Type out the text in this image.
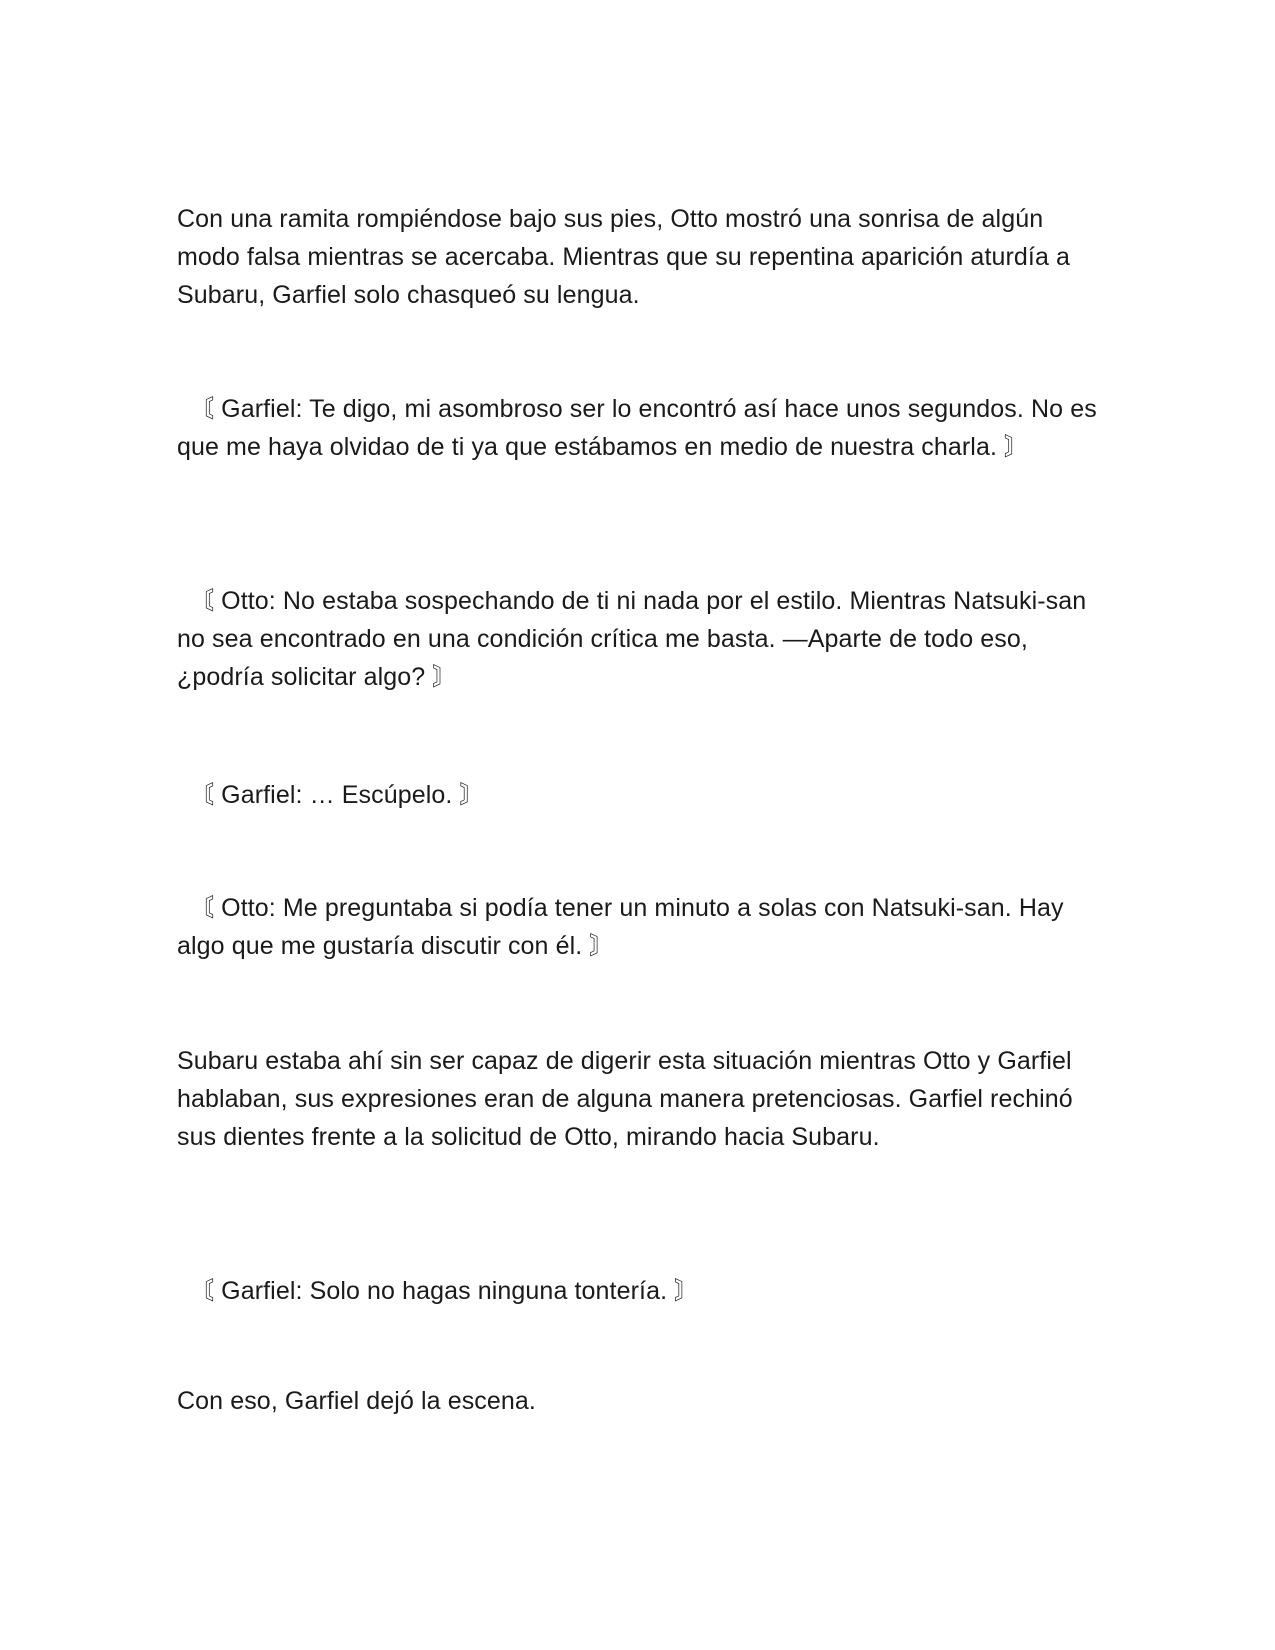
Con una ramita rompiéndose bajo sus pies, Otto mostró una sonrisa de algún modo falsa mientras se acercaba. Mientras que su repentina aparición aturdía a Subaru, Garfiel solo chasqueó su lengua.

〘 Garfiel: Te digo, mi asombroso ser lo encontró así hace unos segundos. No es que me haya olvidao de ti ya que estábamos en medio de nuestra charla. 〙

〘 Otto: No estaba sospechando de ti ni nada por el estilo. Mientras Natsuki-san no sea encontrado en una condición crítica me basta. —Aparte de todo eso, ¿podría solicitar algo? 〙

〘 Garfiel: … Escúpelo. 〙

〘 Otto: Me preguntaba si podía tener un minuto a solas con Natsuki-san. Hay algo que me gustaría discutir con él. 〙

Subaru estaba ahí sin ser capaz de digerir esta situación mientras Otto y Garfiel hablaban, sus expresiones eran de alguna manera pretenciosas. Garfiel rechinó sus dientes frente a la solicitud de Otto, mirando hacia Subaru.

〘 Garfiel: Solo no hagas ninguna tontería. 〙

Con eso, Garfiel dejó la escena.
